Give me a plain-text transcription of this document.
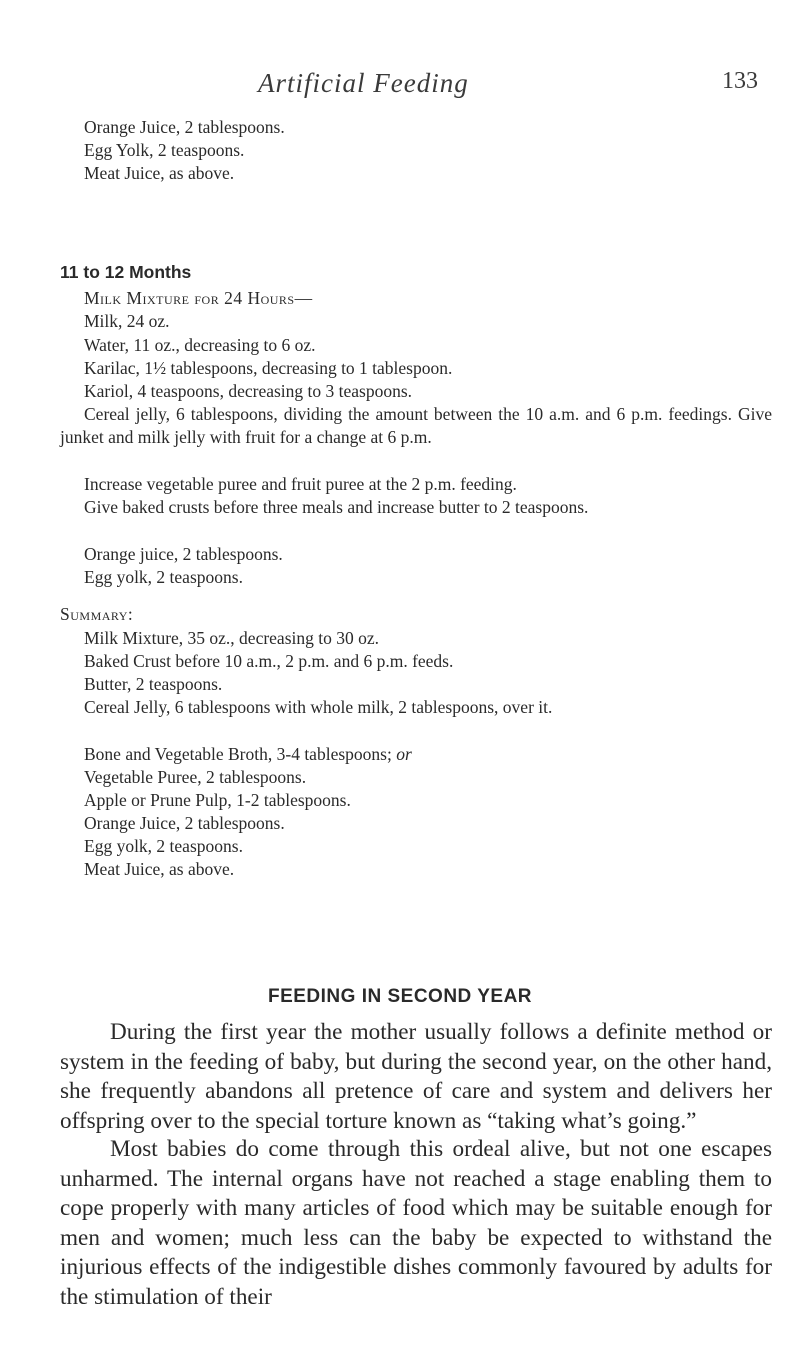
Artificial Feeding	133
Orange Juice, 2 tablespoons.
Egg Yolk, 2 teaspoons.
Meat Juice, as above.
11 to 12 Months
Milk Mixture for 24 Hours—
Milk, 24 oz.
Water, 11 oz., decreasing to 6 oz.
Karilac, 1½ tablespoons, decreasing to 1 tablespoon.
Kariol, 4 teaspoons, decreasing to 3 teaspoons.
Cereal jelly, 6 tablespoons, dividing the amount between the 10 a.m. and 6 p.m. feedings. Give junket and milk jelly with fruit for a change at 6 p.m.
Increase vegetable puree and fruit puree at the 2 p.m. feeding.
Give baked crusts before three meals and increase butter to 2 teaspoons.
Orange juice, 2 tablespoons.
Egg yolk, 2 teaspoons.
Summary:
Milk Mixture, 35 oz., decreasing to 30 oz.
Baked Crust before 10 a.m., 2 p.m. and 6 p.m. feeds.
Butter, 2 teaspoons.
Cereal Jelly, 6 tablespoons with whole milk, 2 tablespoons, over it.
Bone and Vegetable Broth, 3-4 tablespoons; or
Vegetable Puree, 2 tablespoons.
Apple or Prune Pulp, 1-2 tablespoons.
Orange Juice, 2 tablespoons.
Egg yolk, 2 teaspoons.
Meat Juice, as above.
FEEDING IN SECOND YEAR
During the first year the mother usually follows a definite method or system in the feeding of baby, but during the second year, on the other hand, she frequently abandons all pretence of care and system and delivers her offspring over to the special torture known as “taking what’s going.”
Most babies do come through this ordeal alive, but not one escapes unharmed. The internal organs have not reached a stage enabling them to cope properly with many articles of food which may be suitable enough for men and women; much less can the baby be expected to withstand the injurious effects of the indigestible dishes commonly favoured by adults for the stimulation of their
